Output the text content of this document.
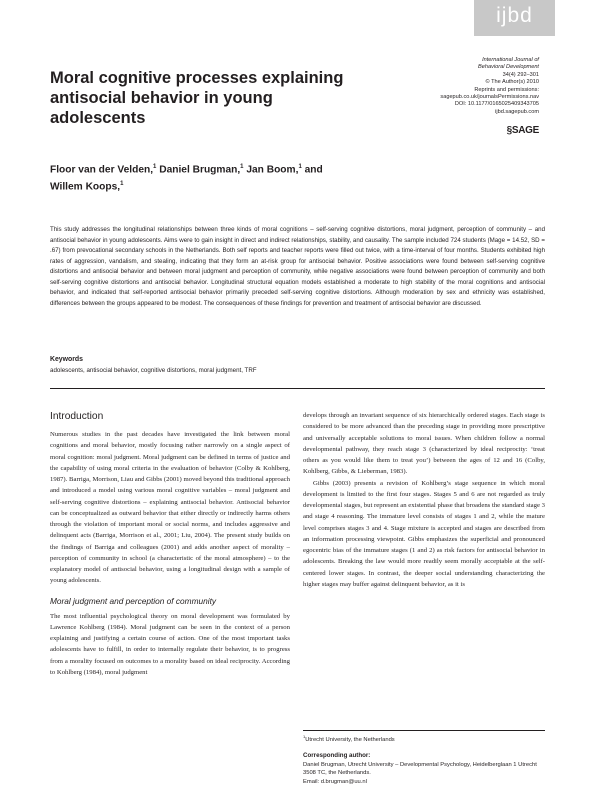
ijbd
International Journal of
Behavioral Development
34(4) 292–301
© The Author(s) 2010
Reprints and permissions:
sagepub.co.uk/journalsPermissions.nav
DOI: 10.1177/0165025409343705
ijbd.sagepub.com
§SAGE
Moral cognitive processes explaining antisocial behavior in young adolescents
Floor van der Velden,$^1$ Daniel Brugman,$^1$ Jan Boom,$^1$ and
Willem Koops,$^1$
This study addresses the longitudinal relationships between three kinds of moral cognitions – self-serving cognitive distortions, moral judgment, perception of community – and antisocial behavior in young adolescents. Aims were to gain insight in direct and indirect relationships, stability, and causality. The sample included 724 students (Mage = 14.52, SD = .67) from prevocational secondary schools in the Netherlands. Both self reports and teacher reports were filled out twice, with a time-interval of four months. Students exhibited high rates of aggression, vandalism, and stealing, indicating that they form an at-risk group for antisocial behavior. Positive associations were found between self-serving cognitive distortions and antisocial behavior and between moral judgment and perception of community, while negative associations were found between perception of community and both self-serving cognitive distortions and antisocial behavior. Longitudinal structural equation models established a moderate to high stability of the moral cognitions and antisocial behavior, and indicated that self-reported antisocial behavior primarily preceded self-serving cognitive distortions. Although moderation by sex and ethnicity was established, differences between the groups appeared to be modest. The consequences of these findings for prevention and treatment of antisocial behavior are discussed.
Keywords
adolescents, antisocial behavior, cognitive distortions, moral judgment, TRF
Introduction

Numerous studies in the past decades have investigated the link between moral cognitions and moral behavior, mostly focusing rather narrowly on a single aspect of moral cognition: moral judgment. Moral judgment can be defined in terms of justice and the capability of using moral criteria in the evaluation of behavior (Colby & Kohlberg, 1987). Barriga, Morrison, Liau and Gibbs (2001) moved beyond this traditional approach and introduced a model using various moral cognitive variables – moral judgment and self-serving cognitive distortions – explaining antisocial behavior. Antisocial behavior can be conceptualized as outward behavior that either directly or indirectly harms others through the violation of important moral or social norms, and includes aggressive and delinquent acts (Barriga, Morrison et al., 2001; Liu, 2004). The present study builds on the findings of Barriga and colleagues (2001) and adds another aspect of morality – perception of community in school (a characteristic of the moral atmosphere) – to the explanatory model of antisocial behavior, using a longitudinal design with a sample of young adolescents.

Moral judgment and perception of community

The most influential psychological theory on moral development was formulated by Lawrence Kohlberg (1984). Moral judgment can be seen in the context of a person explaining and justifying a certain course of action. One of the most important tasks adolescents have to fulfill, in order to internally regulate their behavior, is to progress from a morality focused on outcomes to a morality based on ideal reciprocity. According to Kohlberg (1984), moral judgment

develops through an invariant sequence of six hierarchically ordered stages. Each stage is considered to be more advanced than the preceding stage in providing more prescriptive and universally acceptable solutions to moral issues. When children follow a normal developmental pathway, they reach stage 3 (characterized by ideal reciprocity: ‘treat others as you would like them to treat you’) between the ages of 12 and 16 (Colby, Kohlberg, Gibbs, & Lieberman, 1983).

Gibbs (2003) presents a revision of Kohlberg’s stage sequence in which moral development is limited to the first four stages. Stages 5 and 6 are not regarded as truly developmental stages, but represent an existential phase that broadens the standard stage 3 and stage 4 reasoning. The immature level consists of stages 1 and 2, while the mature level comprises stages 3 and 4. Stage mixture is accepted and stages are described from an information processing viewpoint. Gibbs emphasizes the superficial and pronounced egocentric bias of the immature stages (1 and 2) as risk factors for antisocial behavior in adolescents. Breaking the law would more readily seem morally acceptable at the self-centered lower stages. In contrast, the deeper social understanding characterizing the higher stages may buffer against delinquent behavior, as it is

$^1$Utrecht University, the Netherlands
Corresponding author:
Daniel Brugman, Utrecht University – Developmental Psychology, Heidelberglaan 1 Utrecht 3508 TC, the Netherlands.
Email: d.brugman@uu.nl
